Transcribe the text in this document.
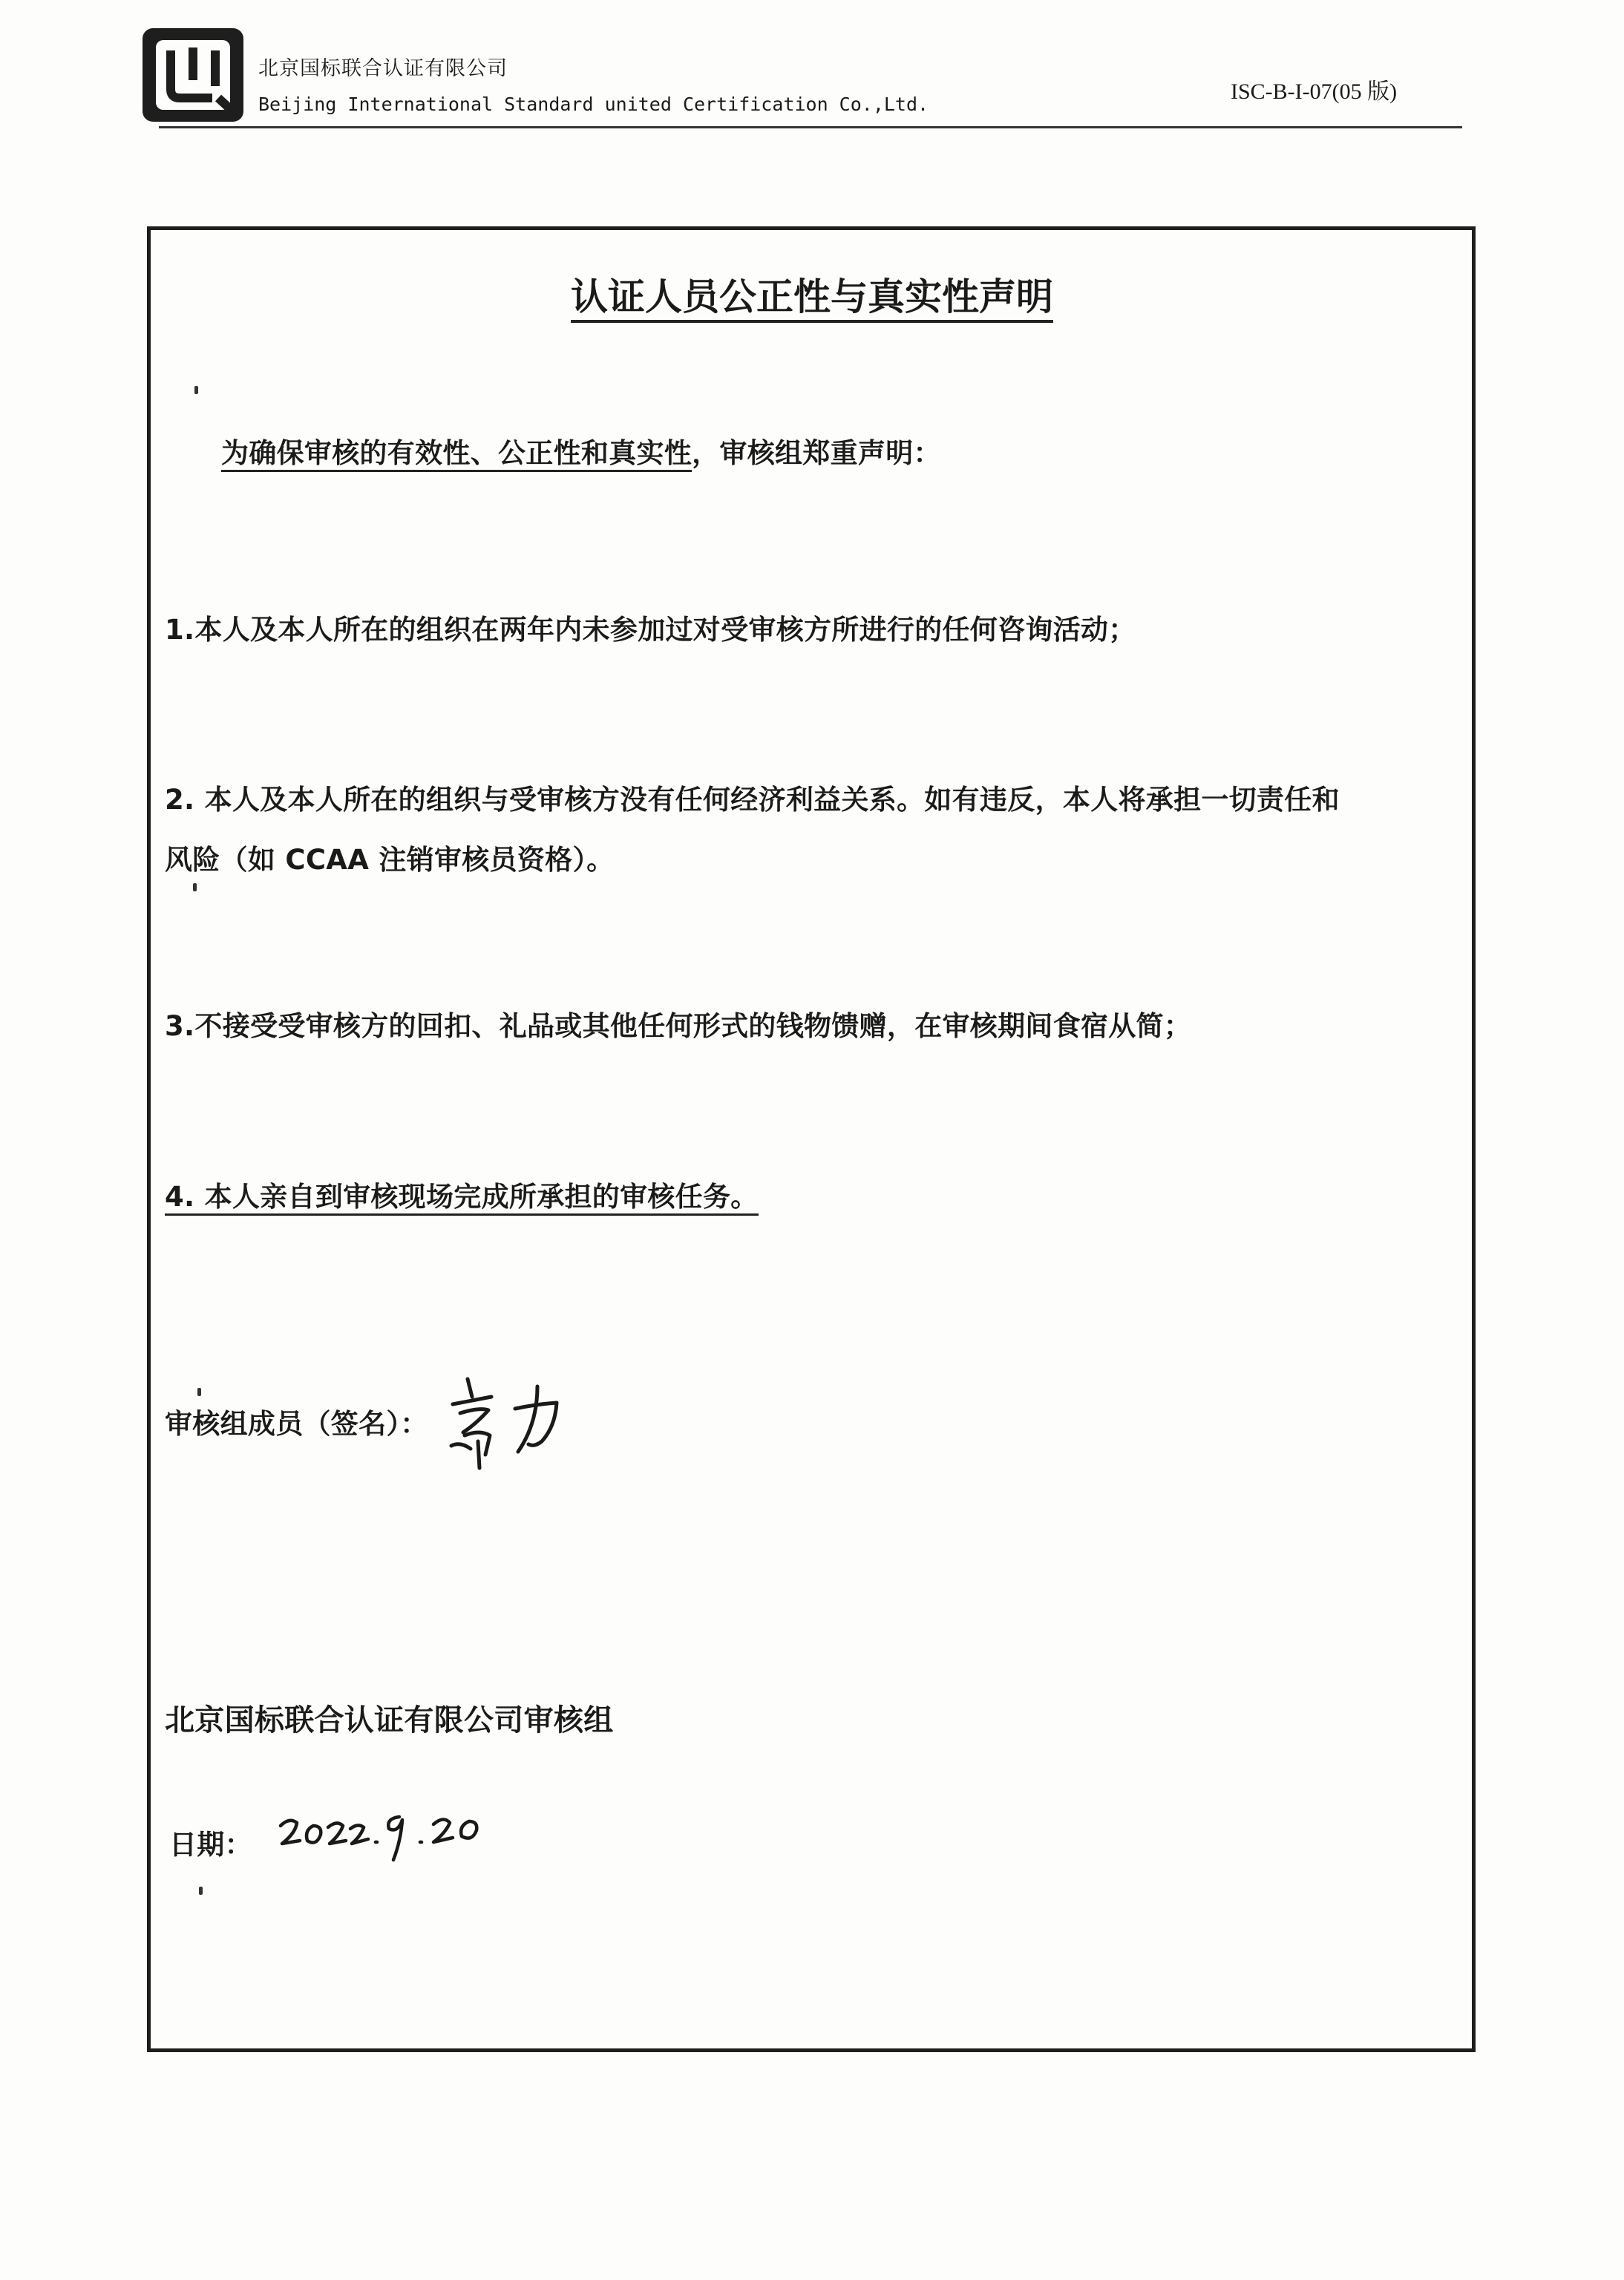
北京国标联合认证有限公司
Beijing International Standard united Certification Co.,Ltd.
ISC-B-I-07(05 版)
认证人员公正性与真实性声明
为确保审核的有效性、公正性和真实性，审核组郑重声明：
1.本人及本人所在的组织在两年内未参加过对受审核方所进行的任何咨询活动；
2. 本人及本人所在的组织与受审核方没有任何经济利益关系。如有违反，本人将承担一切责任和
风险（如 CCAA 注销审核员资格）。
3.不接受受审核方的回扣、礼品或其他任何形式的钱物馈赠，在审核期间食宿从简；
4. 本人亲自到审核现场完成所承担的审核任务。
审核组成员（签名）：
北京国标联合认证有限公司审核组
日期：
